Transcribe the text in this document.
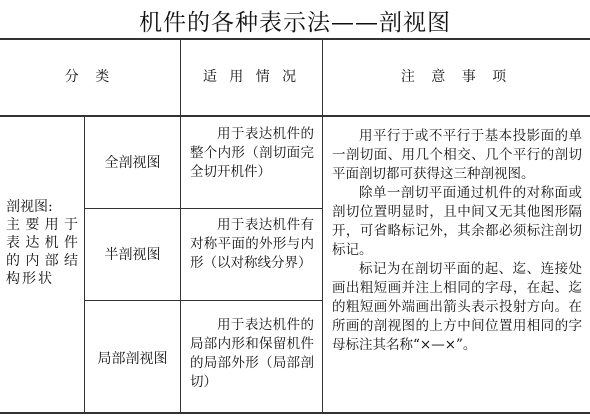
机件的各种表示法——剖视图
分 类	适 用 情 况	注 意 事 项

剖视图:

主要用于表达机件的内部结构形状

全剖视图
半剖视图
局部剖视图
用于表达机件的整个内形（剖切面完全切开机件）
用于表达机件有对称平面的外形与内形（以对称线分界）
用于表达机件的局部内形和保留机件的局部外形（局部剖切）

用平行于或不平行于基本投影面的单一剖切面、用几个相交、几个平行的剖切平面剖切都可获得这三种剖视图。

除单一剖切平面通过机件的对称面或剖切位置明显时，且中间又无其他图形隔开，可省略标记外，其余都必须标注剖切标记。

标记为在剖切平面的起、迄、连接处画出粗短画并注上相同的字母，在起、迄的粗短画外端画出箭头表示投射方向。在所画的剖视图的上方中间位置用相同的字母标注其名称“×—×”。
